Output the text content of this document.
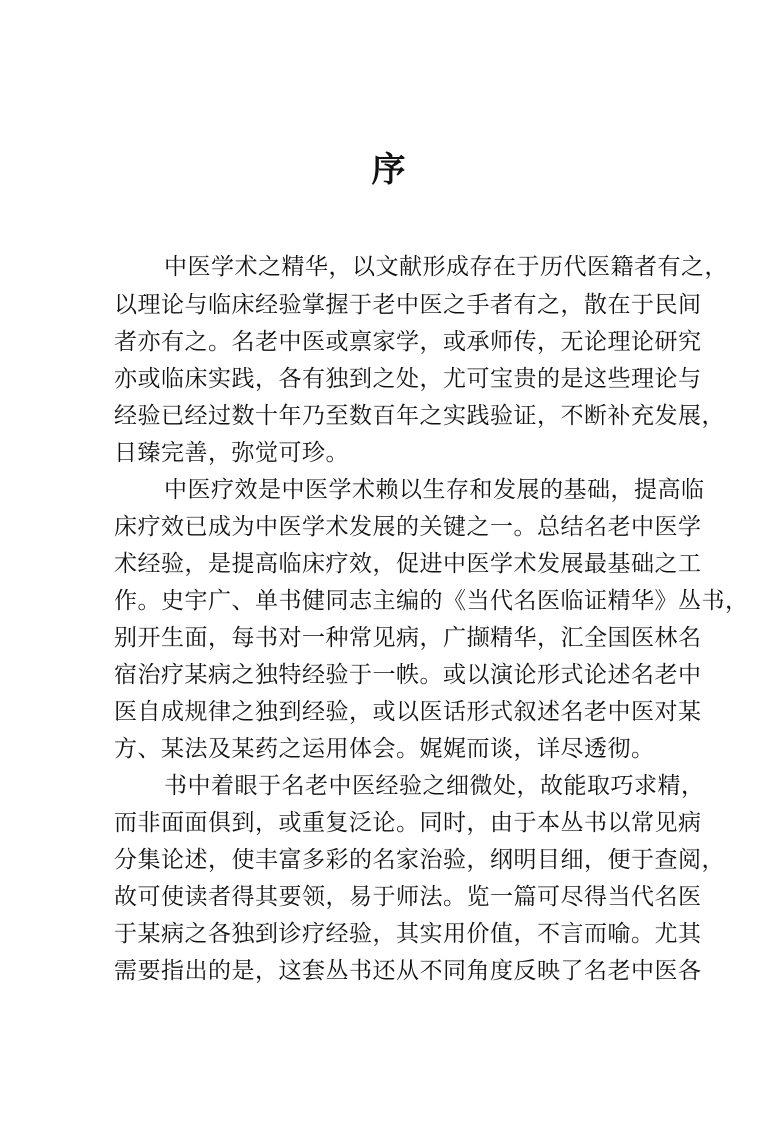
序
中医学术之精华，以文献形成存在于历代医籍者有之，
以理论与临床经验掌握于老中医之手者有之，散在于民间
者亦有之。名老中医或禀家学，或承师传，无论理论研究
亦或临床实践，各有独到之处，尤可宝贵的是这些理论与
经验已经过数十年乃至数百年之实践验证，不断补充发展，
日臻完善，弥觉可珍。
中医疗效是中医学术赖以生存和发展的基础，提高临
床疗效已成为中医学术发展的关键之一。总结名老中医学
术经验，是提高临床疗效，促进中医学术发展最基础之工
作。史宇广、单书健同志主编的《当代名医临证精华》丛书，
别开生面，每书对一种常见病，广撷精华，汇全国医林名
宿治疗某病之独特经验于一帙。或以演论形式论述名老中
医自成规律之独到经验，或以医话形式叙述名老中医对某
方、某法及某药之运用体会。娓娓而谈，详尽透彻。
书中着眼于名老中医经验之细微处，故能取巧求精，
而非面面俱到，或重复泛论。同时，由于本丛书以常见病
分集论述，使丰富多彩的名家治验，纲明目细，便于查阅，
故可使读者得其要领，易于师法。览一篇可尽得当代名医
于某病之各独到诊疗经验，其实用价值，不言而喻。尤其
需要指出的是，这套丛书还从不同角度反映了名老中医各
